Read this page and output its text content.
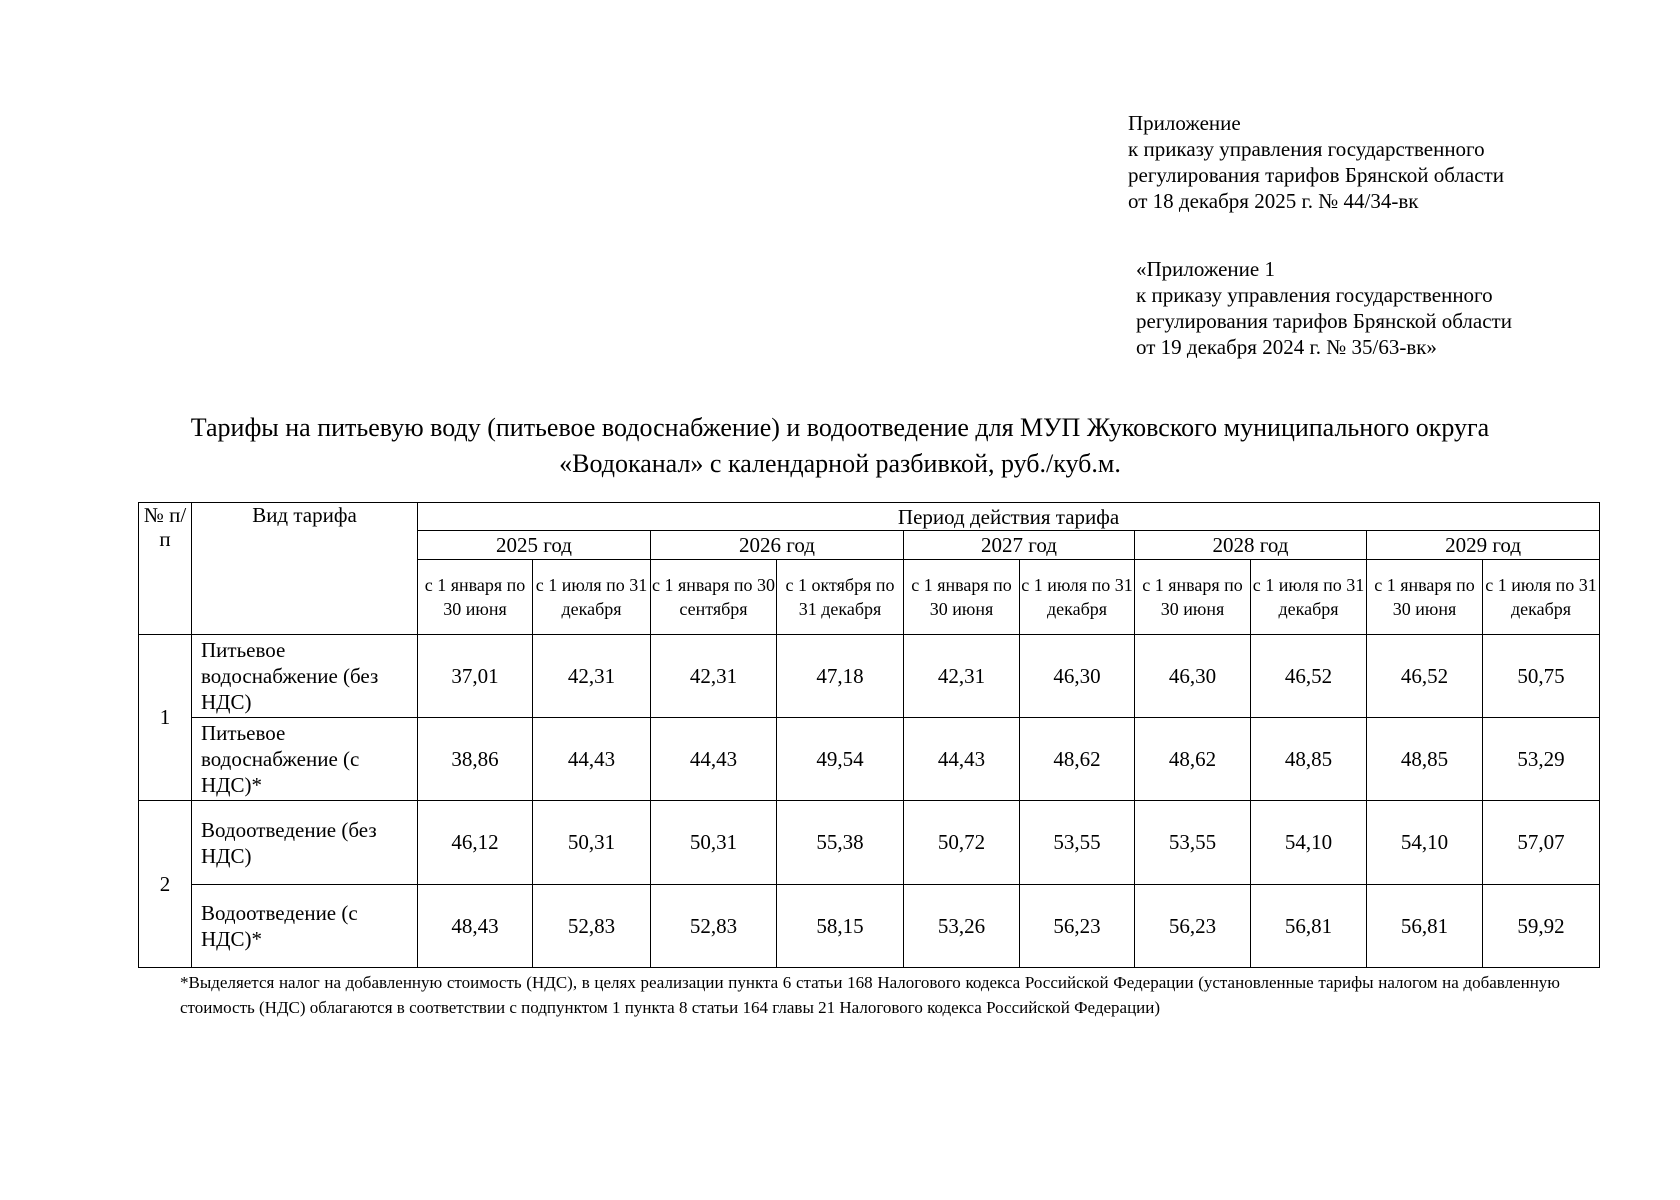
Приложение
к приказу управления государственного
регулирования тарифов Брянской области
от 18 декабря 2025 г. № 44/34-вк
«Приложение 1
к приказу управления государственного
регулирования тарифов Брянской области
от 19 декабря 2024 г. № 35/63-вк»
Тарифы на питьевую воду (питьевое водоснабжение) и водоотведение для МУП Жуковского муниципального округа
«Водоканал» с календарной разбивкой, руб./куб.м.
№ п/п	Вид тарифа	Период действия тарифа									
		2025 год		2026 год		2027 год		2028 год		2029 год	
		с 1 января по 30 июня	с 1 июля по 31 декабря	с 1 января по 30 сентября	с 1 октября по 31 декабря	с 1 января по 30 июня	с 1 июля по 31 декабря	с 1 января по 30 июня	с 1 июля по 31 декабря	с 1 января по 30 июня	с 1 июля по 31 декабря
1	Питьевое водоснабжение (без НДС)	37,01	42,31	42,31	47,18	42,31	46,30	46,30	46,52	46,52	50,75
	Питьевое водоснабжение (с НДС)*	38,86	44,43	44,43	49,54	44,43	48,62	48,62	48,85	48,85	53,29
2	Водоотведение (без НДС)	46,12	50,31	50,31	55,38	50,72	53,55	53,55	54,10	54,10	57,07
	Водоотведение (с НДС)*	48,43	52,83	52,83	58,15	53,26	56,23	56,23	56,81	56,81	59,92
*Выделяется налог на добавленную стоимость (НДС), в целях реализации пункта 6 статьи 168 Налогового кодекса Российской Федерации (установленные тарифы налогом на добавленную стоимость (НДС) облагаются в соответствии с подпунктом 1 пункта 8 статьи 164 главы 21 Налогового кодекса Российской Федерации)
